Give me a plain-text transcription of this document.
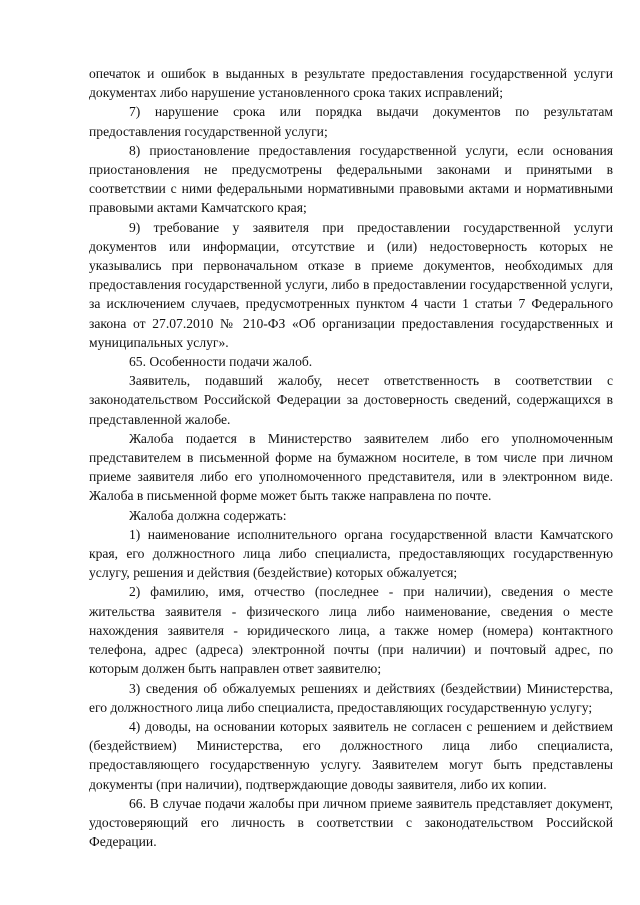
опечаток и ошибок в выданных в результате предоставления государственной услуги документах либо нарушение установленного срока таких исправлений;

7) нарушение срока или порядка выдачи документов по результатам предоставления государственной услуги;

8) приостановление предоставления государственной услуги, если основания приостановления не предусмотрены федеральными законами и принятыми в соответствии с ними федеральными нормативными правовыми актами и нормативными правовыми актами Камчатского края;

9) требование у заявителя при предоставлении государственной услуги документов или информации, отсутствие и (или) недостоверность которых не указывались при первоначальном отказе в приеме документов, необходимых для предоставления государственной услуги, либо в предоставлении государственной услуги, за исключением случаев, предусмотренных пунктом 4 части 1 статьи 7 Федерального закона от 27.07.2010 № 210-ФЗ «Об организации предоставления государственных и муниципальных услуг».

65. Особенности подачи жалоб.

Заявитель, подавший жалобу, несет ответственность в соответствии с законодательством Российской Федерации за достоверность сведений, содержащихся в представленной жалобе.

Жалоба подается в Министерство заявителем либо его уполномоченным представителем в письменной форме на бумажном носителе, в том числе при личном приеме заявителя либо его уполномоченного представителя, или в электронном виде. Жалоба в письменной форме может быть также направлена по почте.

Жалоба должна содержать:

1) наименование исполнительного органа государственной власти Камчатского края, его должностного лица либо специалиста, предоставляющих государственную услугу, решения и действия (бездействие) которых обжалуется;

2) фамилию, имя, отчество (последнее - при наличии), сведения о месте жительства заявителя - физического лица либо наименование, сведения о месте нахождения заявителя - юридического лица, а также номер (номера) контактного телефона, адрес (адреса) электронной почты (при наличии) и почтовый адрес, по которым должен быть направлен ответ заявителю;

3) сведения об обжалуемых решениях и действиях (бездействии) Министерства, его должностного лица либо специалиста, предоставляющих государственную услугу;

4) доводы, на основании которых заявитель не согласен с решением и действием (бездействием) Министерства, его должностного лица либо специалиста, предоставляющего государственную услугу. Заявителем могут быть представлены документы (при наличии), подтверждающие доводы заявителя, либо их копии.

66. В случае подачи жалобы при личном приеме заявитель представляет документ, удостоверяющий его личность в соответствии с законодательством Российской Федерации.
